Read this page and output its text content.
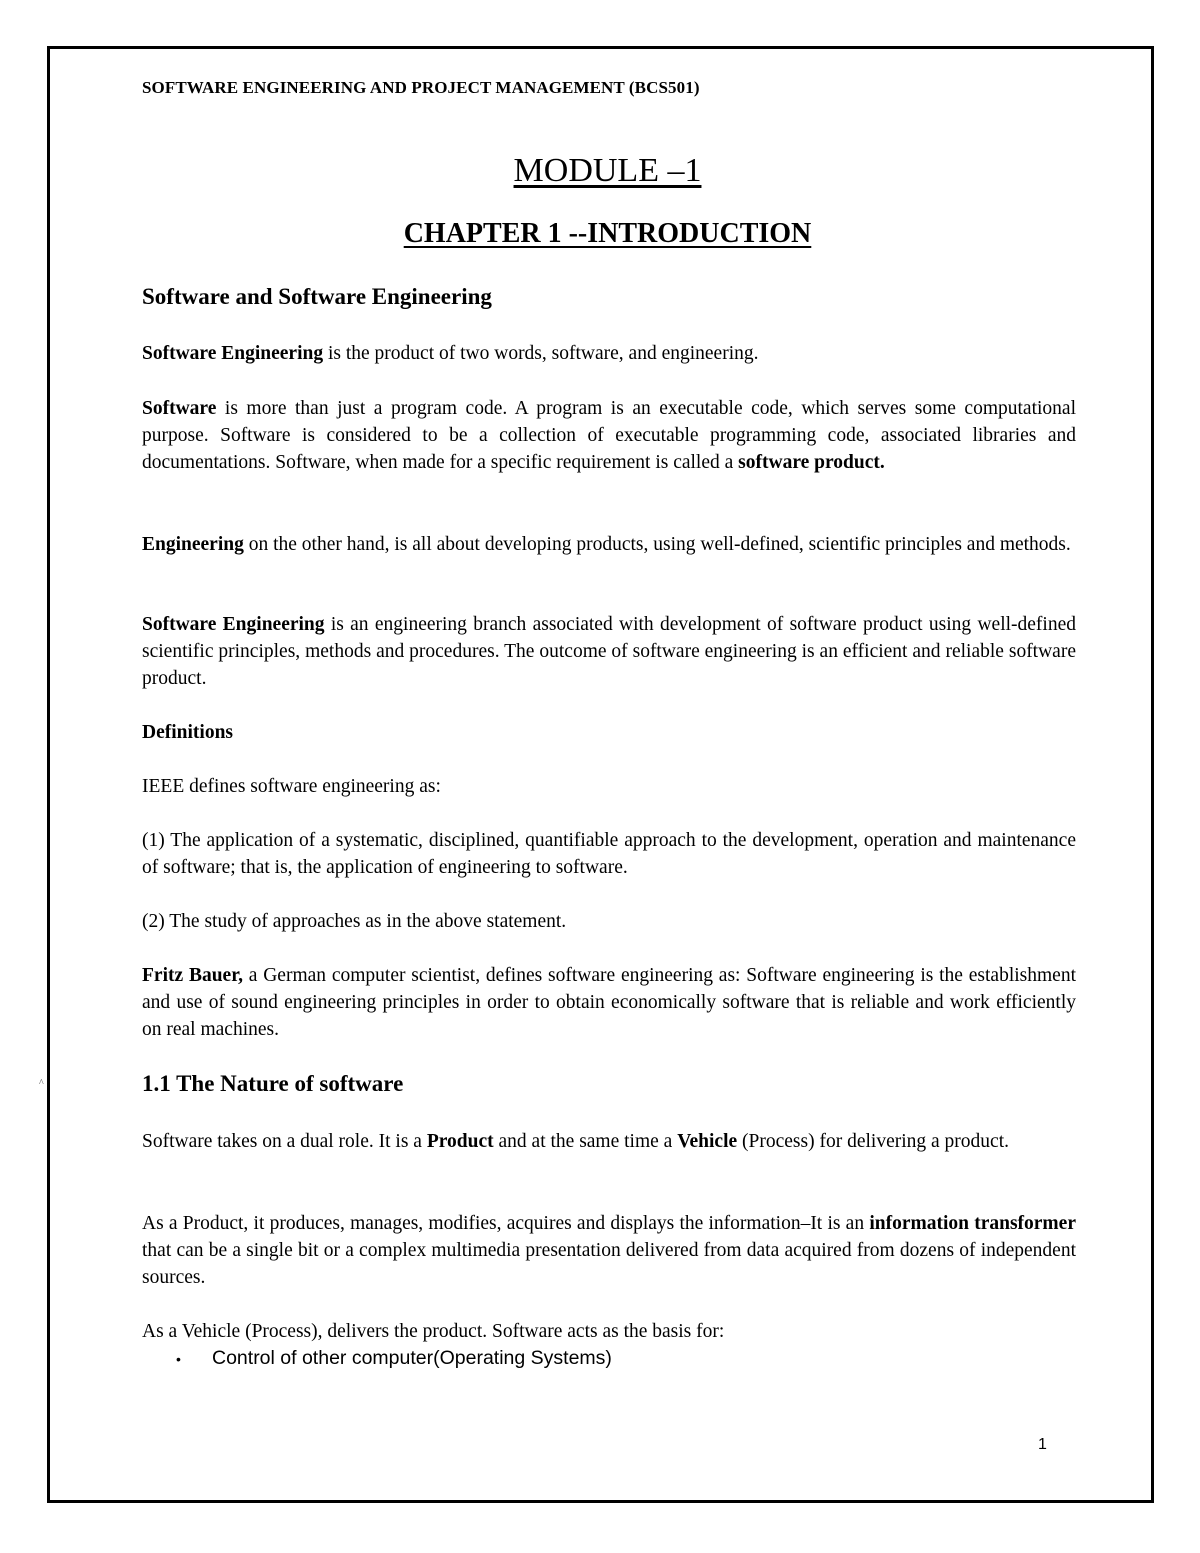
SOFTWARE ENGINEERING AND PROJECT MANAGEMENT (BCS501)
MODULE –1
CHAPTER 1 --INTRODUCTION
Software and Software Engineering

Software Engineering is the product of two words, software, and engineering.

Software is more than just a program code. A program is an executable code, which serves some computational purpose. Software is considered to be a collection of executable programming code, associated libraries and documentations. Software, when made for a specific requirement is called a software product.

Engineering on the other hand, is all about developing products, using well-defined, scientific principles and methods.

Software Engineering is an engineering branch associated with development of software product using well-defined scientific principles, methods and procedures. The outcome of software engineering is an efficient and reliable software product.

Definitions

IEEE defines software engineering as:

(1) The application of a systematic, disciplined, quantifiable approach to the development, operation and maintenance of software; that is, the application of engineering to software.

(2) The study of approaches as in the above statement.

Fritz Bauer, a German computer scientist, defines software engineering as: Software engineering is the establishment and use of sound engineering principles in order to obtain economically software that is reliable and work efficiently on real machines.

^	1.1 The Nature of software

Software takes on a dual role. It is a Product and at the same time a Vehicle (Process) for delivering a product.

As a Product, it produces, manages, modifies, acquires and displays the information–It is an information transformer that can be a single bit or a complex multimedia presentation delivered from data acquired from dozens of independent sources.

As a Vehicle (Process), delivers the product. Software acts as the basis for:

•	Control of other computer(Operating Systems)
1
